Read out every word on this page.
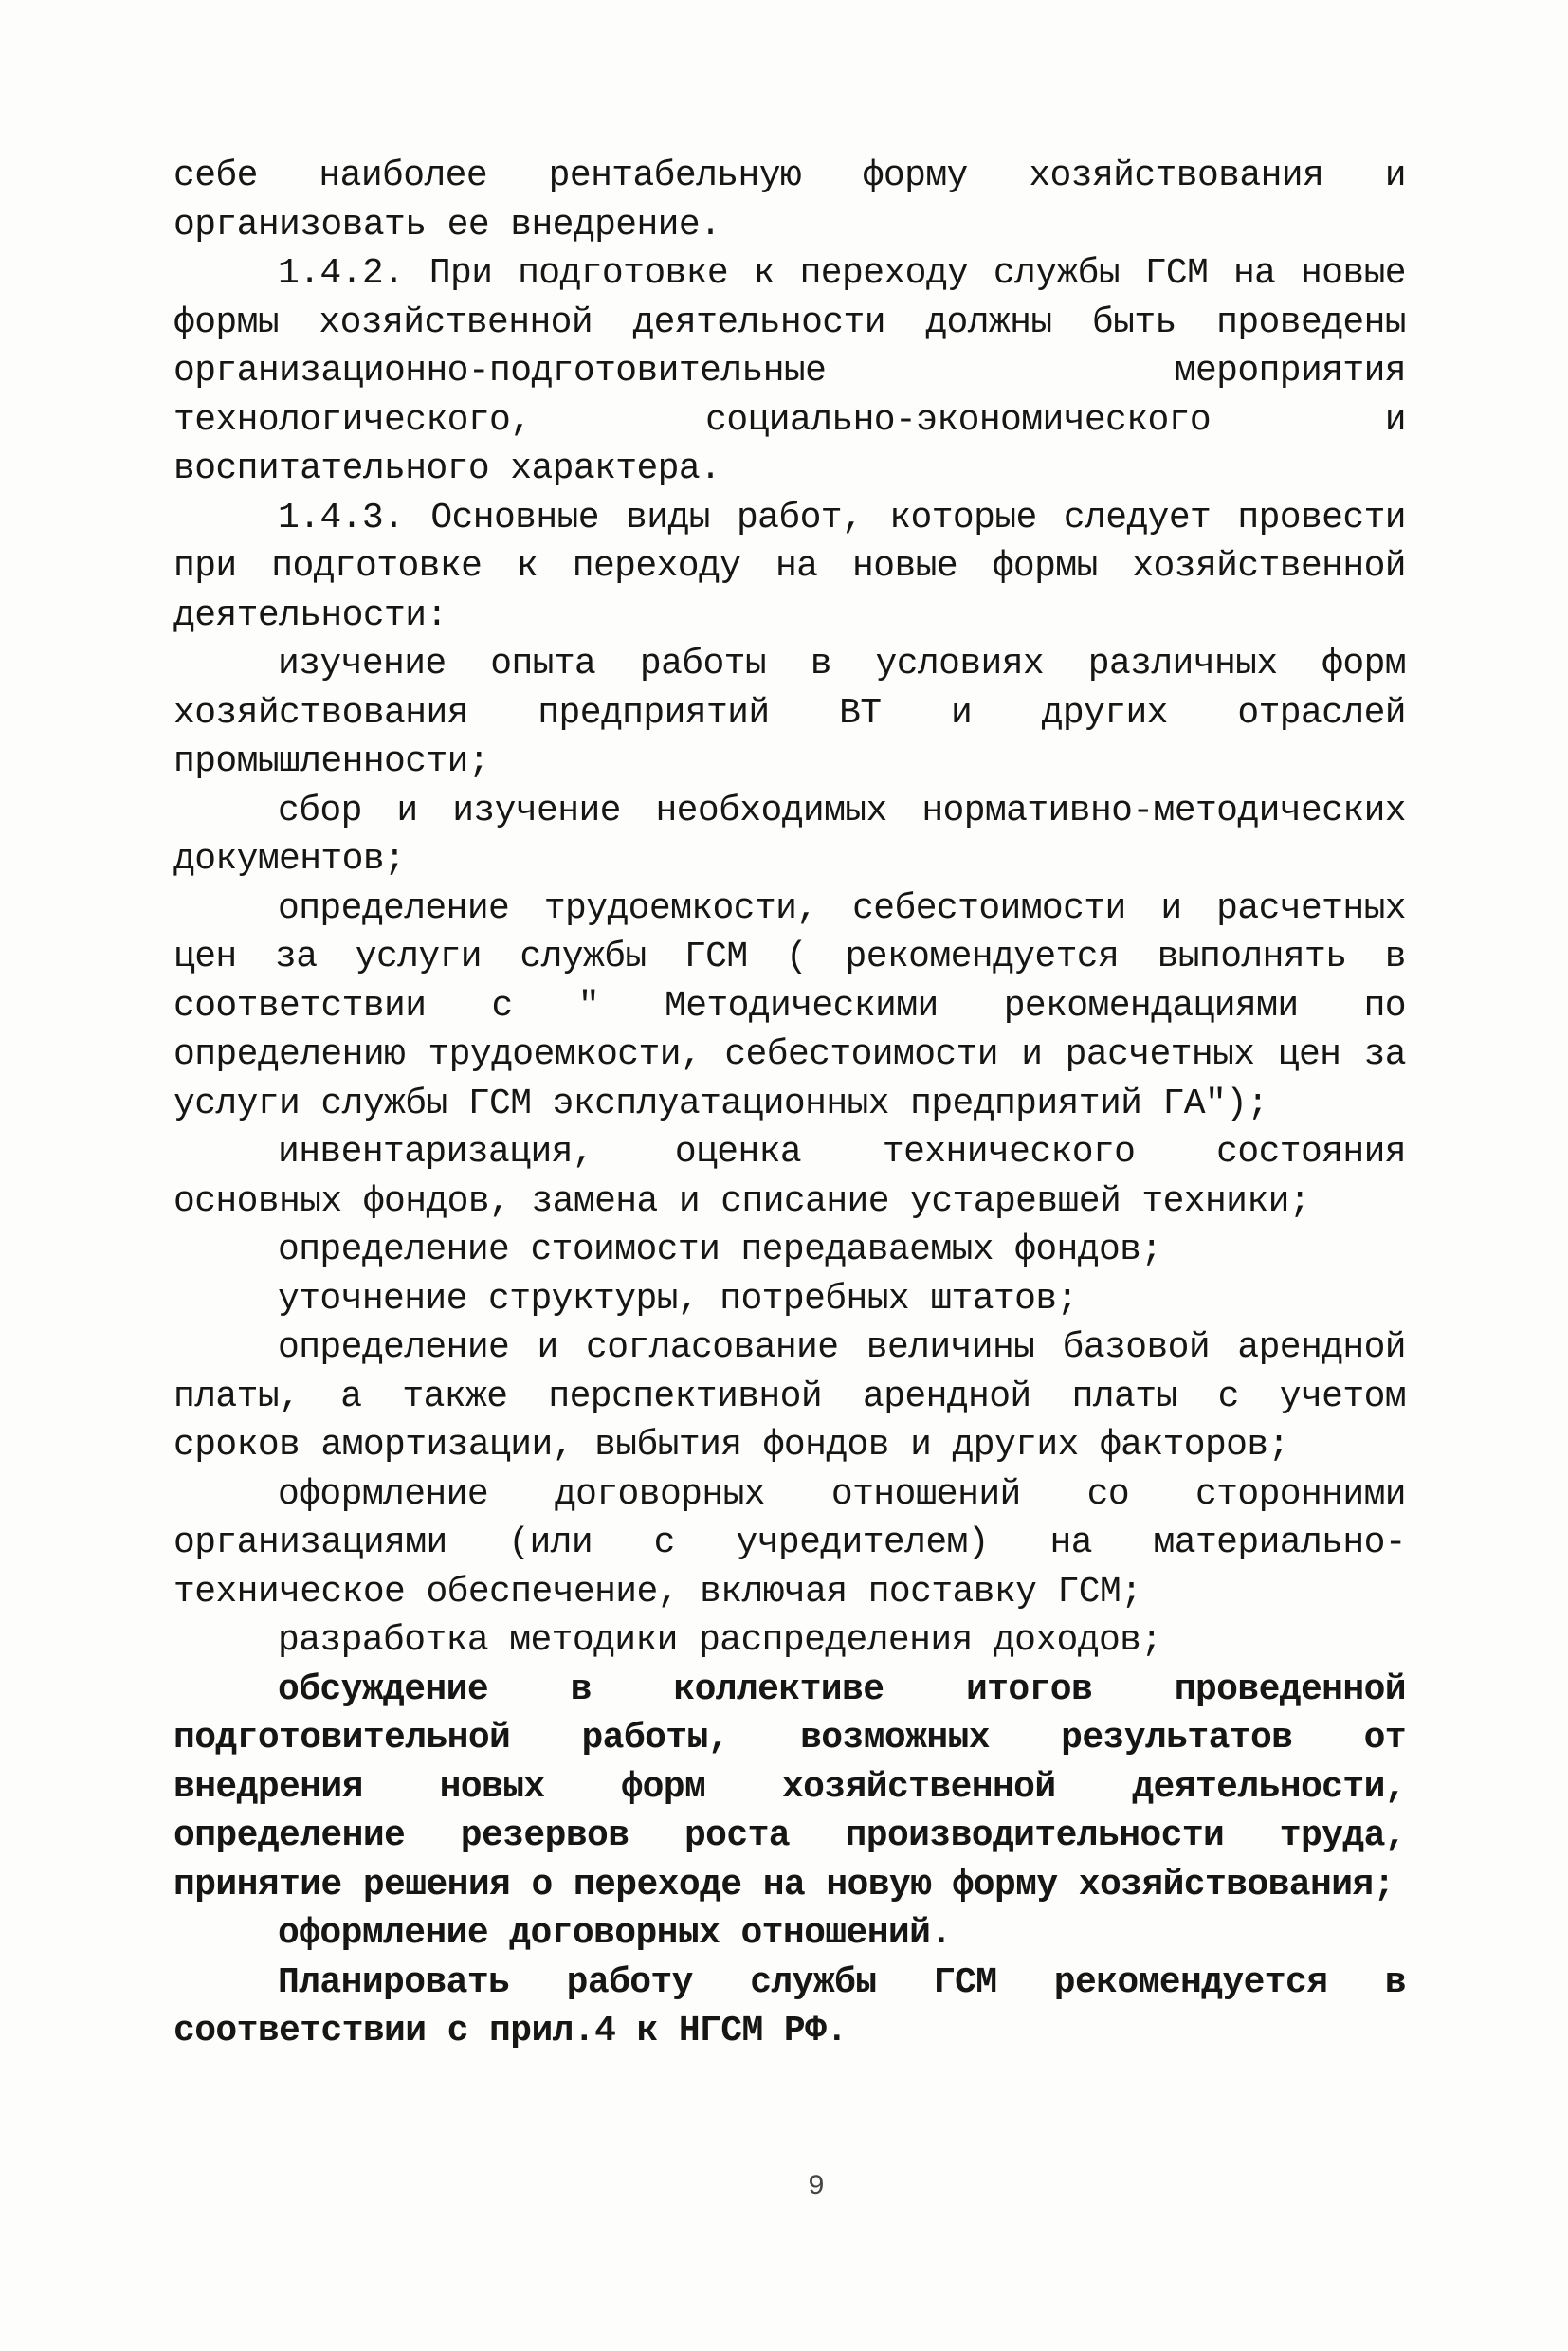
себе наиболее рентабельную форму хозяйствования и организовать ее внедрение.

1.4.2. При подготовке к переходу службы ГСМ на новые формы хозяйственной деятельности должны быть проведены организационно-подготовительные мероприятия технологического, социально-экономического и воспитательного характера.

1.4.3. Основные виды работ, которые следует провести при подготовке к переходу на новые формы хозяйственной деятельности:

изучение опыта работы в условиях различных форм хозяйствования предприятий ВТ и других отраслей промышленности;

сбор и изучение необходимых нормативно-методических документов;

определение трудоемкости, себестоимости и расчетных цен за услуги службы ГСМ ( рекомендуется выполнять в соответствии с " Методическими рекомендациями по определению трудоемкости, себестоимости и расчетных цен за услуги службы ГСМ эксплуатационных предприятий ГА");

инвентаризация, оценка технического состояния основных фондов, замена и списание устаревшей техники;

определение стоимости передаваемых фондов;

уточнение структуры, потребных штатов;

определение и согласование величины базовой арендной платы, а также перспективной арендной платы с учетом сроков амортизации, выбытия фондов и других факторов;

оформление договорных отношений со сторонними организациями (или с учредителем) на материально-техническое обеспечение, включая поставку ГСМ;

разработка методики распределения доходов;

обсуждение в коллективе итогов проведенной подготовительной работы, возможных результатов от внедрения новых форм хозяйственной деятельности, определение резервов роста производительности труда, принятие решения о переходе на новую форму хозяйствования;

оформление договорных отношений.

Планировать работу службы ГСМ рекомендуется в соответствии с прил.4 к НГСМ РФ.

9
